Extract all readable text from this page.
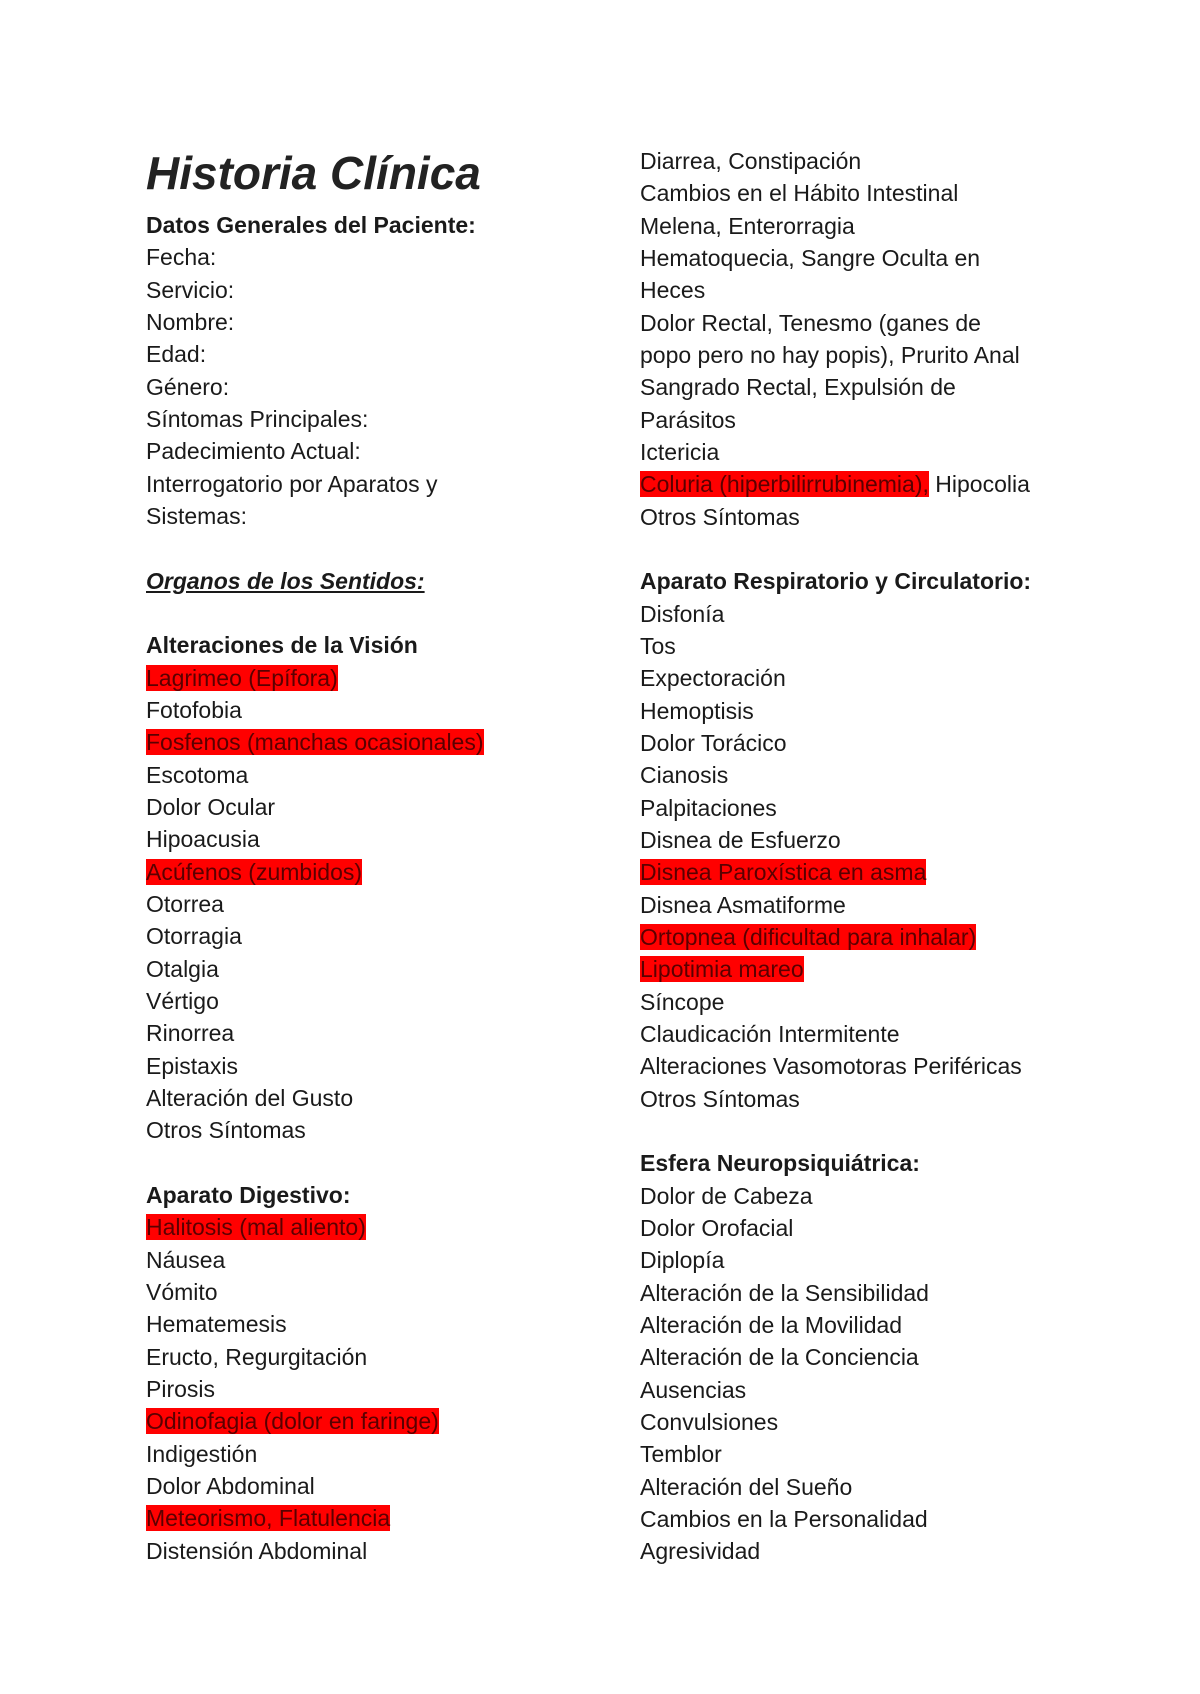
Historia Clínica
Datos Generales del Paciente:
Fecha:
Servicio:
Nombre:
Edad:
Género:
Síntomas Principales:
Padecimiento Actual:
Interrogatorio por Aparatos y
Sistemas:
Organos de los Sentidos:
Alteraciones de la Visión
Lagrimeo (Epífora)
Fotofobia
Fosfenos (manchas ocasionales)
Escotoma
Dolor Ocular
Hipoacusia
Acúfenos (zumbidos)
Otorrea
Otorragia
Otalgia
Vértigo
Rinorrea
Epistaxis
Alteración del Gusto
Otros Síntomas
Aparato Digestivo:
Halitosis (mal aliento)
Náusea
Vómito
Hematemesis
Eructo, Regurgitación
Pirosis
Odinofagia (dolor en faringe)
Indigestión
Dolor Abdominal
Meteorismo, Flatulencia
Distensión Abdominal
Diarrea, Constipación
Cambios en el Hábito Intestinal
Melena, Enterorragia
Hematoquecia, Sangre Oculta en
Heces
Dolor Rectal, Tenesmo (ganes de
popo pero no hay popis), Prurito Anal
Sangrado Rectal, Expulsión de
Parásitos
Ictericia
Coluria (hiperbilirrubinemia), Hipocolia
Otros Síntomas
Aparato Respiratorio y Circulatorio:
Disfonía
Tos
Expectoración
Hemoptisis
Dolor Torácico
Cianosis
Palpitaciones
Disnea de Esfuerzo
Disnea Paroxística en asma
Disnea Asmatiforme
Ortopnea (dificultad para inhalar)
Lipotimia mareo
Síncope
Claudicación Intermitente
Alteraciones Vasomotoras Periféricas
Otros Síntomas
Esfera Neuropsiquiátrica:
Dolor de Cabeza
Dolor Orofacial
Diplopía
Alteración de la Sensibilidad
Alteración de la Movilidad
Alteración de la Conciencia
Ausencias
Convulsiones
Temblor
Alteración del Sueño
Cambios en la Personalidad
Agresividad
